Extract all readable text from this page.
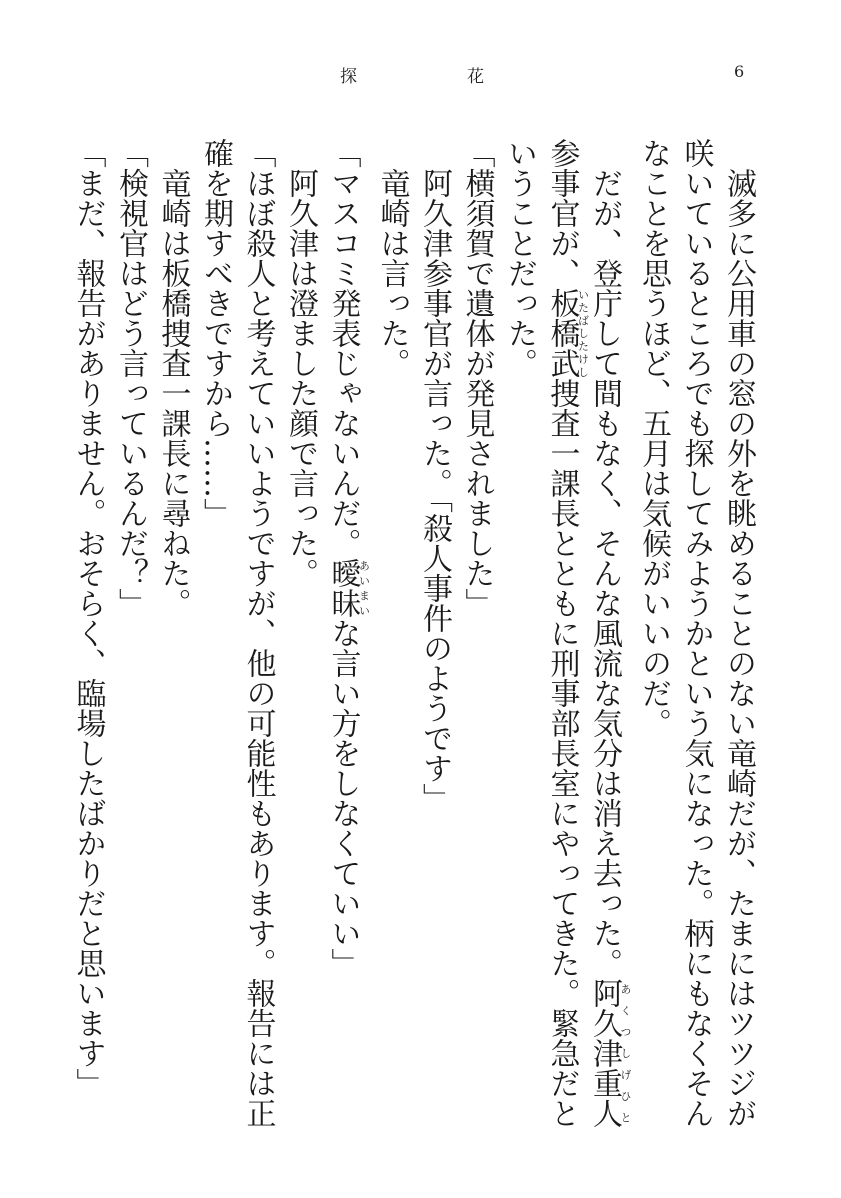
探花	6
滅多に公用車の窓の外を眺めることのない竜崎だが、たまにはツツジが咲いているところでも探してみようかという気になった。柄にもなくそんなことを思うほど、五月は気候がいいのだ。
だが、登庁して間もなく、そんな風流な気分は消え去った。阿久津重人あくつしげひと参事官が、板橋武いたばしたけし捜査一課長とともに刑事部長室にやってきた。緊急だということだった。
「横須賀で遺体が発見されました」
阿久津参事官が言った。「殺人事件のようです」
竜崎は言った。
「マスコミ発表じゃないんだ。曖昧あいまいな言い方をしなくていい」
阿久津は澄ました顔で言った。
「ほぼ殺人と考えていいようですが、他の可能性もあります。報告には正確を期すべきですから……」
竜崎は板橋捜査一課長に尋ねた。
「検視官はどう言っているんだ？」
「まだ、報告がありません。おそらく、臨場したばかりだと思います」
